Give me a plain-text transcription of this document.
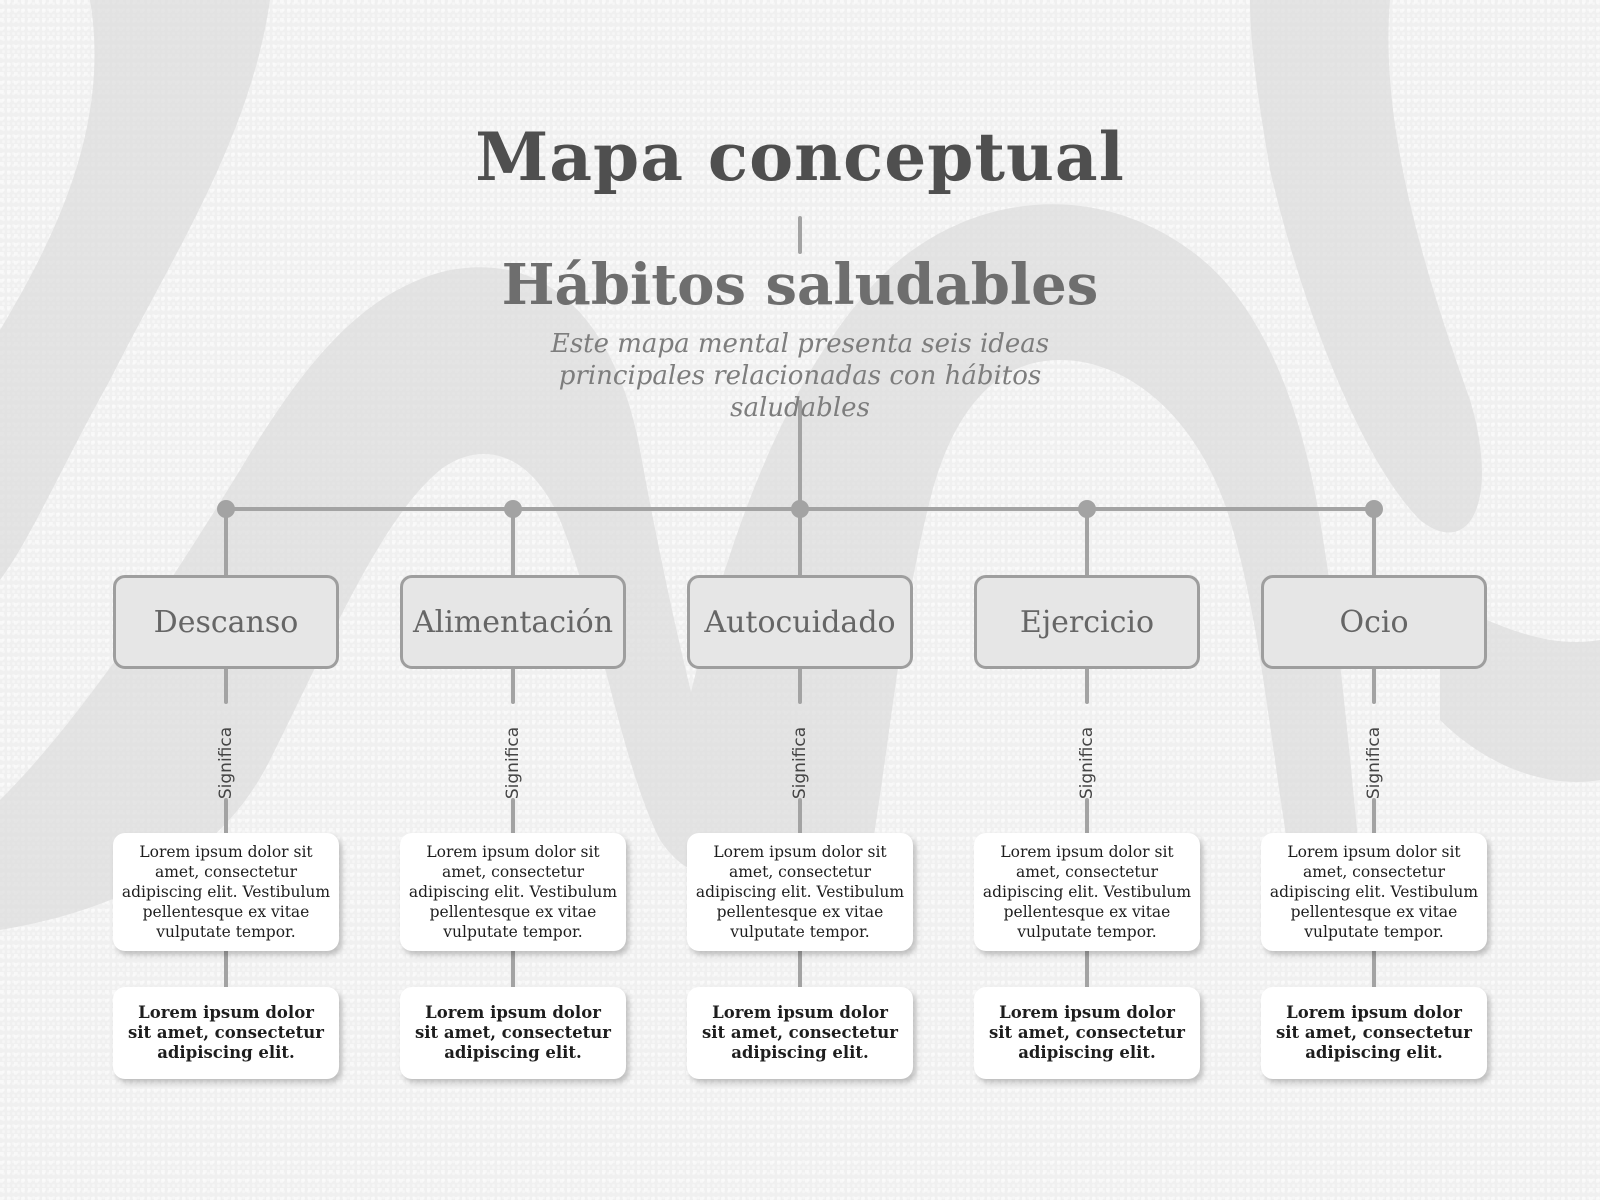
Mapa conceptual
Hábitos saludables

Este mapa mental presenta seis ideas principales relacionadas con hábitos saludables

Descanso
Significa
Lorem ipsum dolor sit amet, consectetur adipiscing elit. Vestibulum pellentesque ex vitae vulputate tempor.
Lorem ipsum dolor sit amet, consectetur adipiscing elit.
Alimentación
Significa
Lorem ipsum dolor sit amet, consectetur adipiscing elit. Vestibulum pellentesque ex vitae vulputate tempor.
Lorem ipsum dolor sit amet, consectetur adipiscing elit.
Autocuidado
Significa
Lorem ipsum dolor sit amet, consectetur adipiscing elit. Vestibulum pellentesque ex vitae vulputate tempor.
Lorem ipsum dolor sit amet, consectetur adipiscing elit.
Ejercicio
Significa
Lorem ipsum dolor sit amet, consectetur adipiscing elit. Vestibulum pellentesque ex vitae vulputate tempor.
Lorem ipsum dolor sit amet, consectetur adipiscing elit.
Ocio
Significa
Lorem ipsum dolor sit amet, consectetur adipiscing elit. Vestibulum pellentesque ex vitae vulputate tempor.
Lorem ipsum dolor sit amet, consectetur adipiscing elit.
